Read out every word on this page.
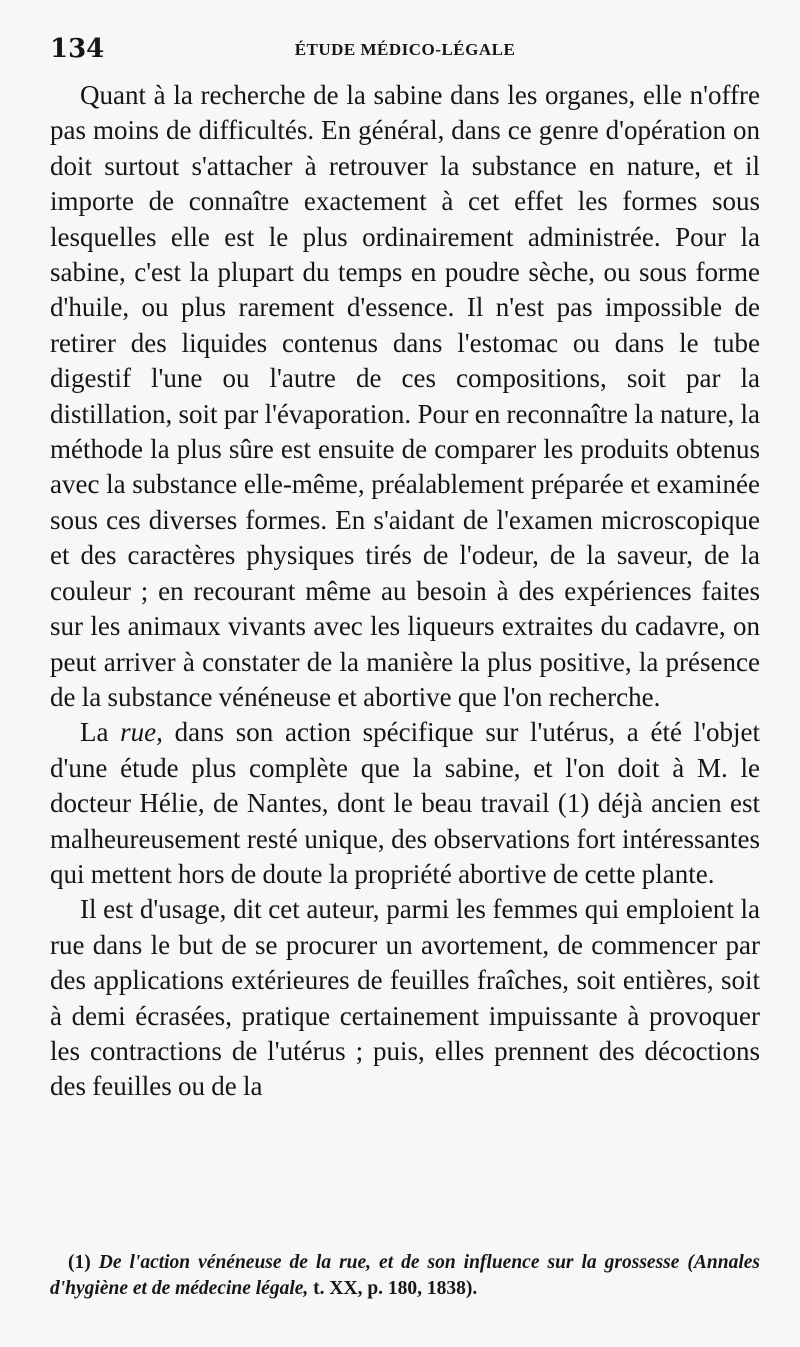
134	ÉTUDE MÉDICO-LÉGALE

Quant à la recherche de la sabine dans les organes, elle n'offre pas moins de difficultés. En général, dans ce genre d'opération on doit surtout s'attacher à retrouver la substance en nature, et il importe de connaître exactement à cet effet les formes sous lesquelles elle est le plus ordinairement administrée. Pour la sabine, c'est la plupart du temps en poudre sèche, ou sous forme d'huile, ou plus rarement d'essence. Il n'est pas impossible de retirer des liquides contenus dans l'estomac ou dans le tube digestif l'une ou l'autre de ces compositions, soit par la distillation, soit par l'évaporation. Pour en reconnaître la nature, la méthode la plus sûre est ensuite de comparer les produits obtenus avec la substance elle-même, préalablement préparée et examinée sous ces diverses formes. En s'aidant de l'examen microscopique et des caractères physiques tirés de l'odeur, de la saveur, de la couleur ; en recourant même au besoin à des expériences faites sur les animaux vivants avec les liqueurs extraites du cadavre, on peut arriver à constater de la manière la plus positive, la présence de la substance vénéneuse et abortive que l'on recherche.

La rue, dans son action spécifique sur l'utérus, a été l'objet d'une étude plus complète que la sabine, et l'on doit à M. le docteur Hélie, de Nantes, dont le beau travail (1) déjà ancien est malheureusement resté unique, des observations fort intéressantes qui mettent hors de doute la propriété abortive de cette plante.

Il est d'usage, dit cet auteur, parmi les femmes qui emploient la rue dans le but de se procurer un avortement, de commencer par des applications extérieures de feuilles fraîches, soit entières, soit à demi écrasées, pratique certainement impuissante à provoquer les contractions de l'utérus ; puis, elles prennent des décoctions des feuilles ou de la

(1) De l'action vénéneuse de la rue, et de son influence sur la grossesse (Annales d'hygiène et de médecine légale, t. XX, p. 180, 1838).
